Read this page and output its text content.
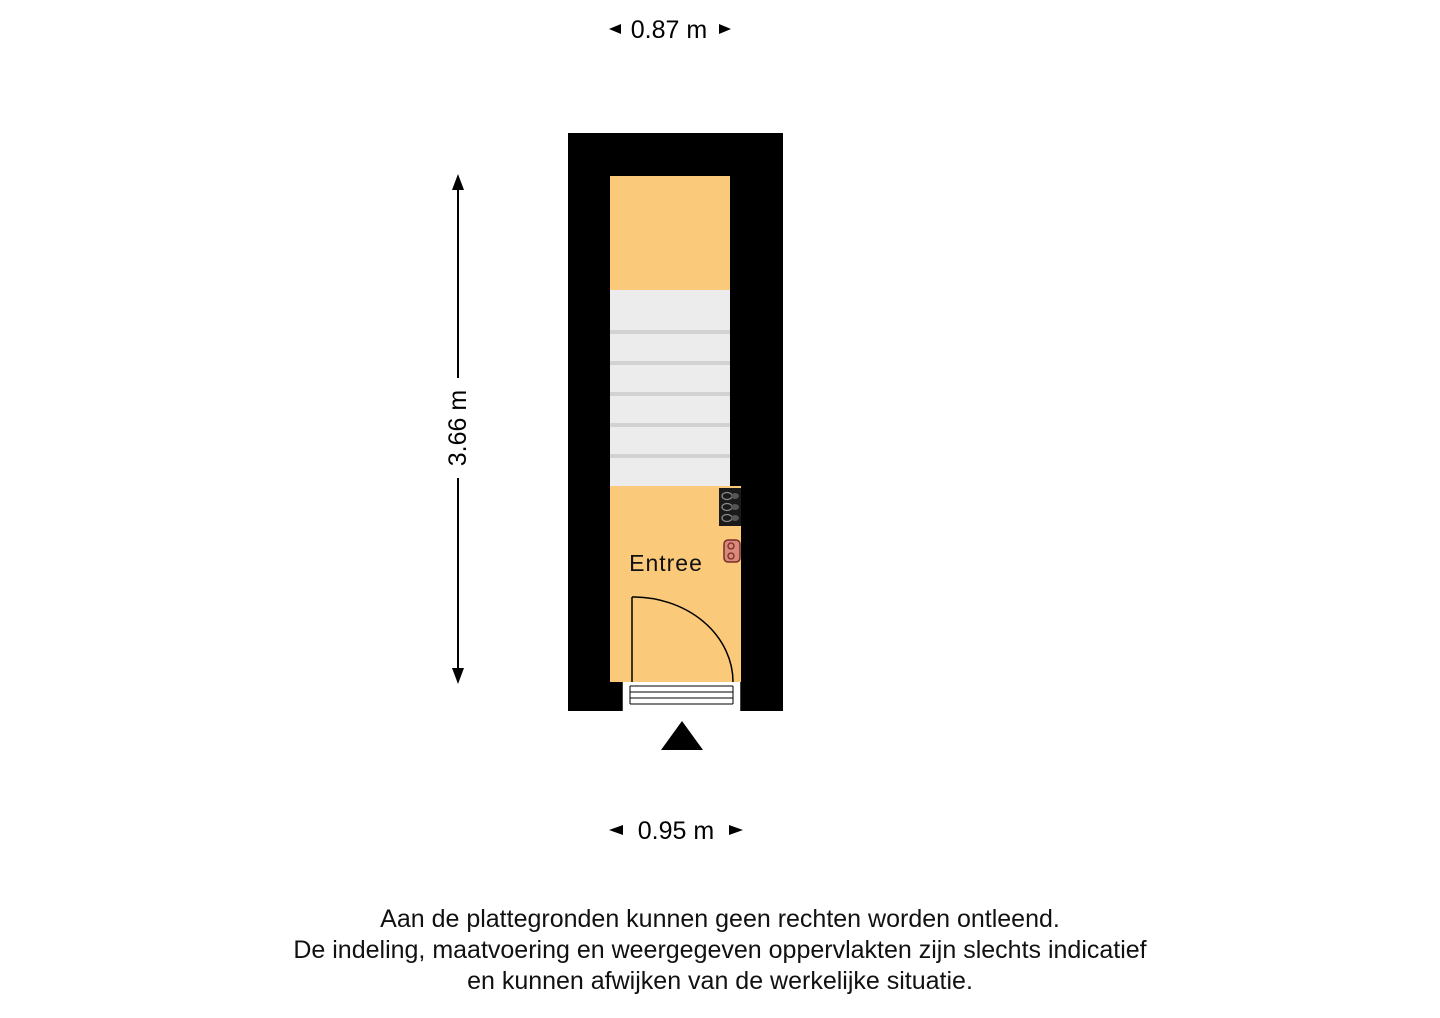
0.87 m
3.66 m
Entree
0.95 m
Aan de plattegronden kunnen geen rechten worden ontleend.
De indeling, maatvoering en weergegeven oppervlakten zijn slechts indicatief
en kunnen afwijken van de werkelijke situatie.
